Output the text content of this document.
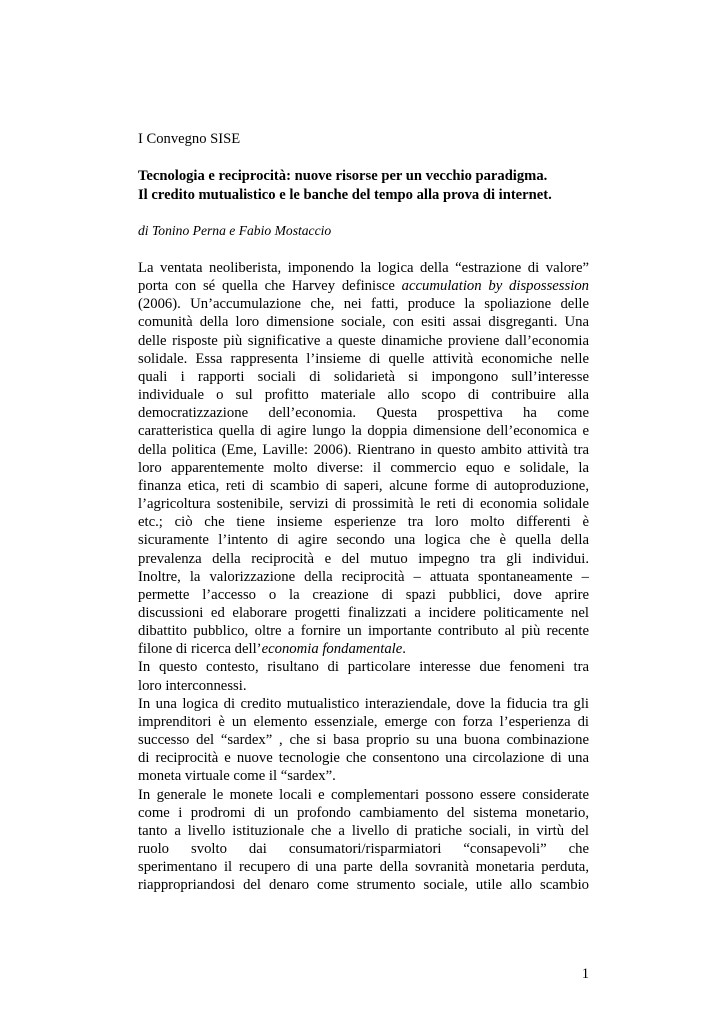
I Convegno SISE

Tecnologia e reciprocità: nuove risorse per un vecchio paradigma.
Il credito mutualistico e le banche del tempo alla prova di internet.

di Tonino Perna e Fabio Mostaccio

La ventata neoliberista, imponendo la logica della “estrazione di valore”
porta con sé quella che Harvey definisce accumulation by dispossession
(2006). Un’accumulazione che, nei fatti, produce la spoliazione delle
comunità della loro dimensione sociale, con esiti assai disgreganti. Una
delle risposte più significative a queste dinamiche proviene dall’economia
solidale. Essa rappresenta l’insieme di quelle attività economiche nelle
quali i rapporti sociali di solidarietà si impongono sull’interesse
individuale o sul profitto materiale allo scopo di contribuire alla
democratizzazione dell’economia. Questa prospettiva ha come
caratteristica quella di agire lungo la doppia dimensione dell’economica e
della politica (Eme, Laville: 2006). Rientrano in questo ambito attività tra
loro apparentemente molto diverse: il commercio equo e solidale, la
finanza etica, reti di scambio di saperi, alcune forme di autoproduzione,
l’agricoltura sostenibile, servizi di prossimità le reti di economia solidale
etc.; ciò che tiene insieme esperienze tra loro molto differenti è
sicuramente l’intento di agire secondo una logica che è quella della
prevalenza della reciprocità e del mutuo impegno tra gli individui.
Inoltre, la valorizzazione della reciprocità – attuata spontaneamente –
permette l’accesso o la creazione di spazi pubblici, dove aprire
discussioni ed elaborare progetti finalizzati a incidere politicamente nel
dibattito pubblico, oltre a fornire un importante contributo al più recente
filone di ricerca dell’economia fondamentale.

In questo contesto, risultano di particolare interesse due fenomeni tra
loro interconnessi.

In una logica di credito mutualistico interaziendale, dove la fiducia tra gli
imprenditori è un elemento essenziale, emerge con forza l’esperienza di
successo del “sardex” , che si basa proprio su una buona combinazione
di reciprocità e nuove tecnologie che consentono una circolazione di una
moneta virtuale come il “sardex”.

In generale le monete locali e complementari possono essere considerate
come i prodromi di un profondo cambiamento del sistema monetario,
tanto a livello istituzionale che a livello di pratiche sociali, in virtù del
ruolo svolto dai consumatori/risparmiatori “consapevoli” che
sperimentano il recupero di una parte della sovranità monetaria perduta,
riappropriandosi del denaro come strumento sociale, utile allo scambio

1
